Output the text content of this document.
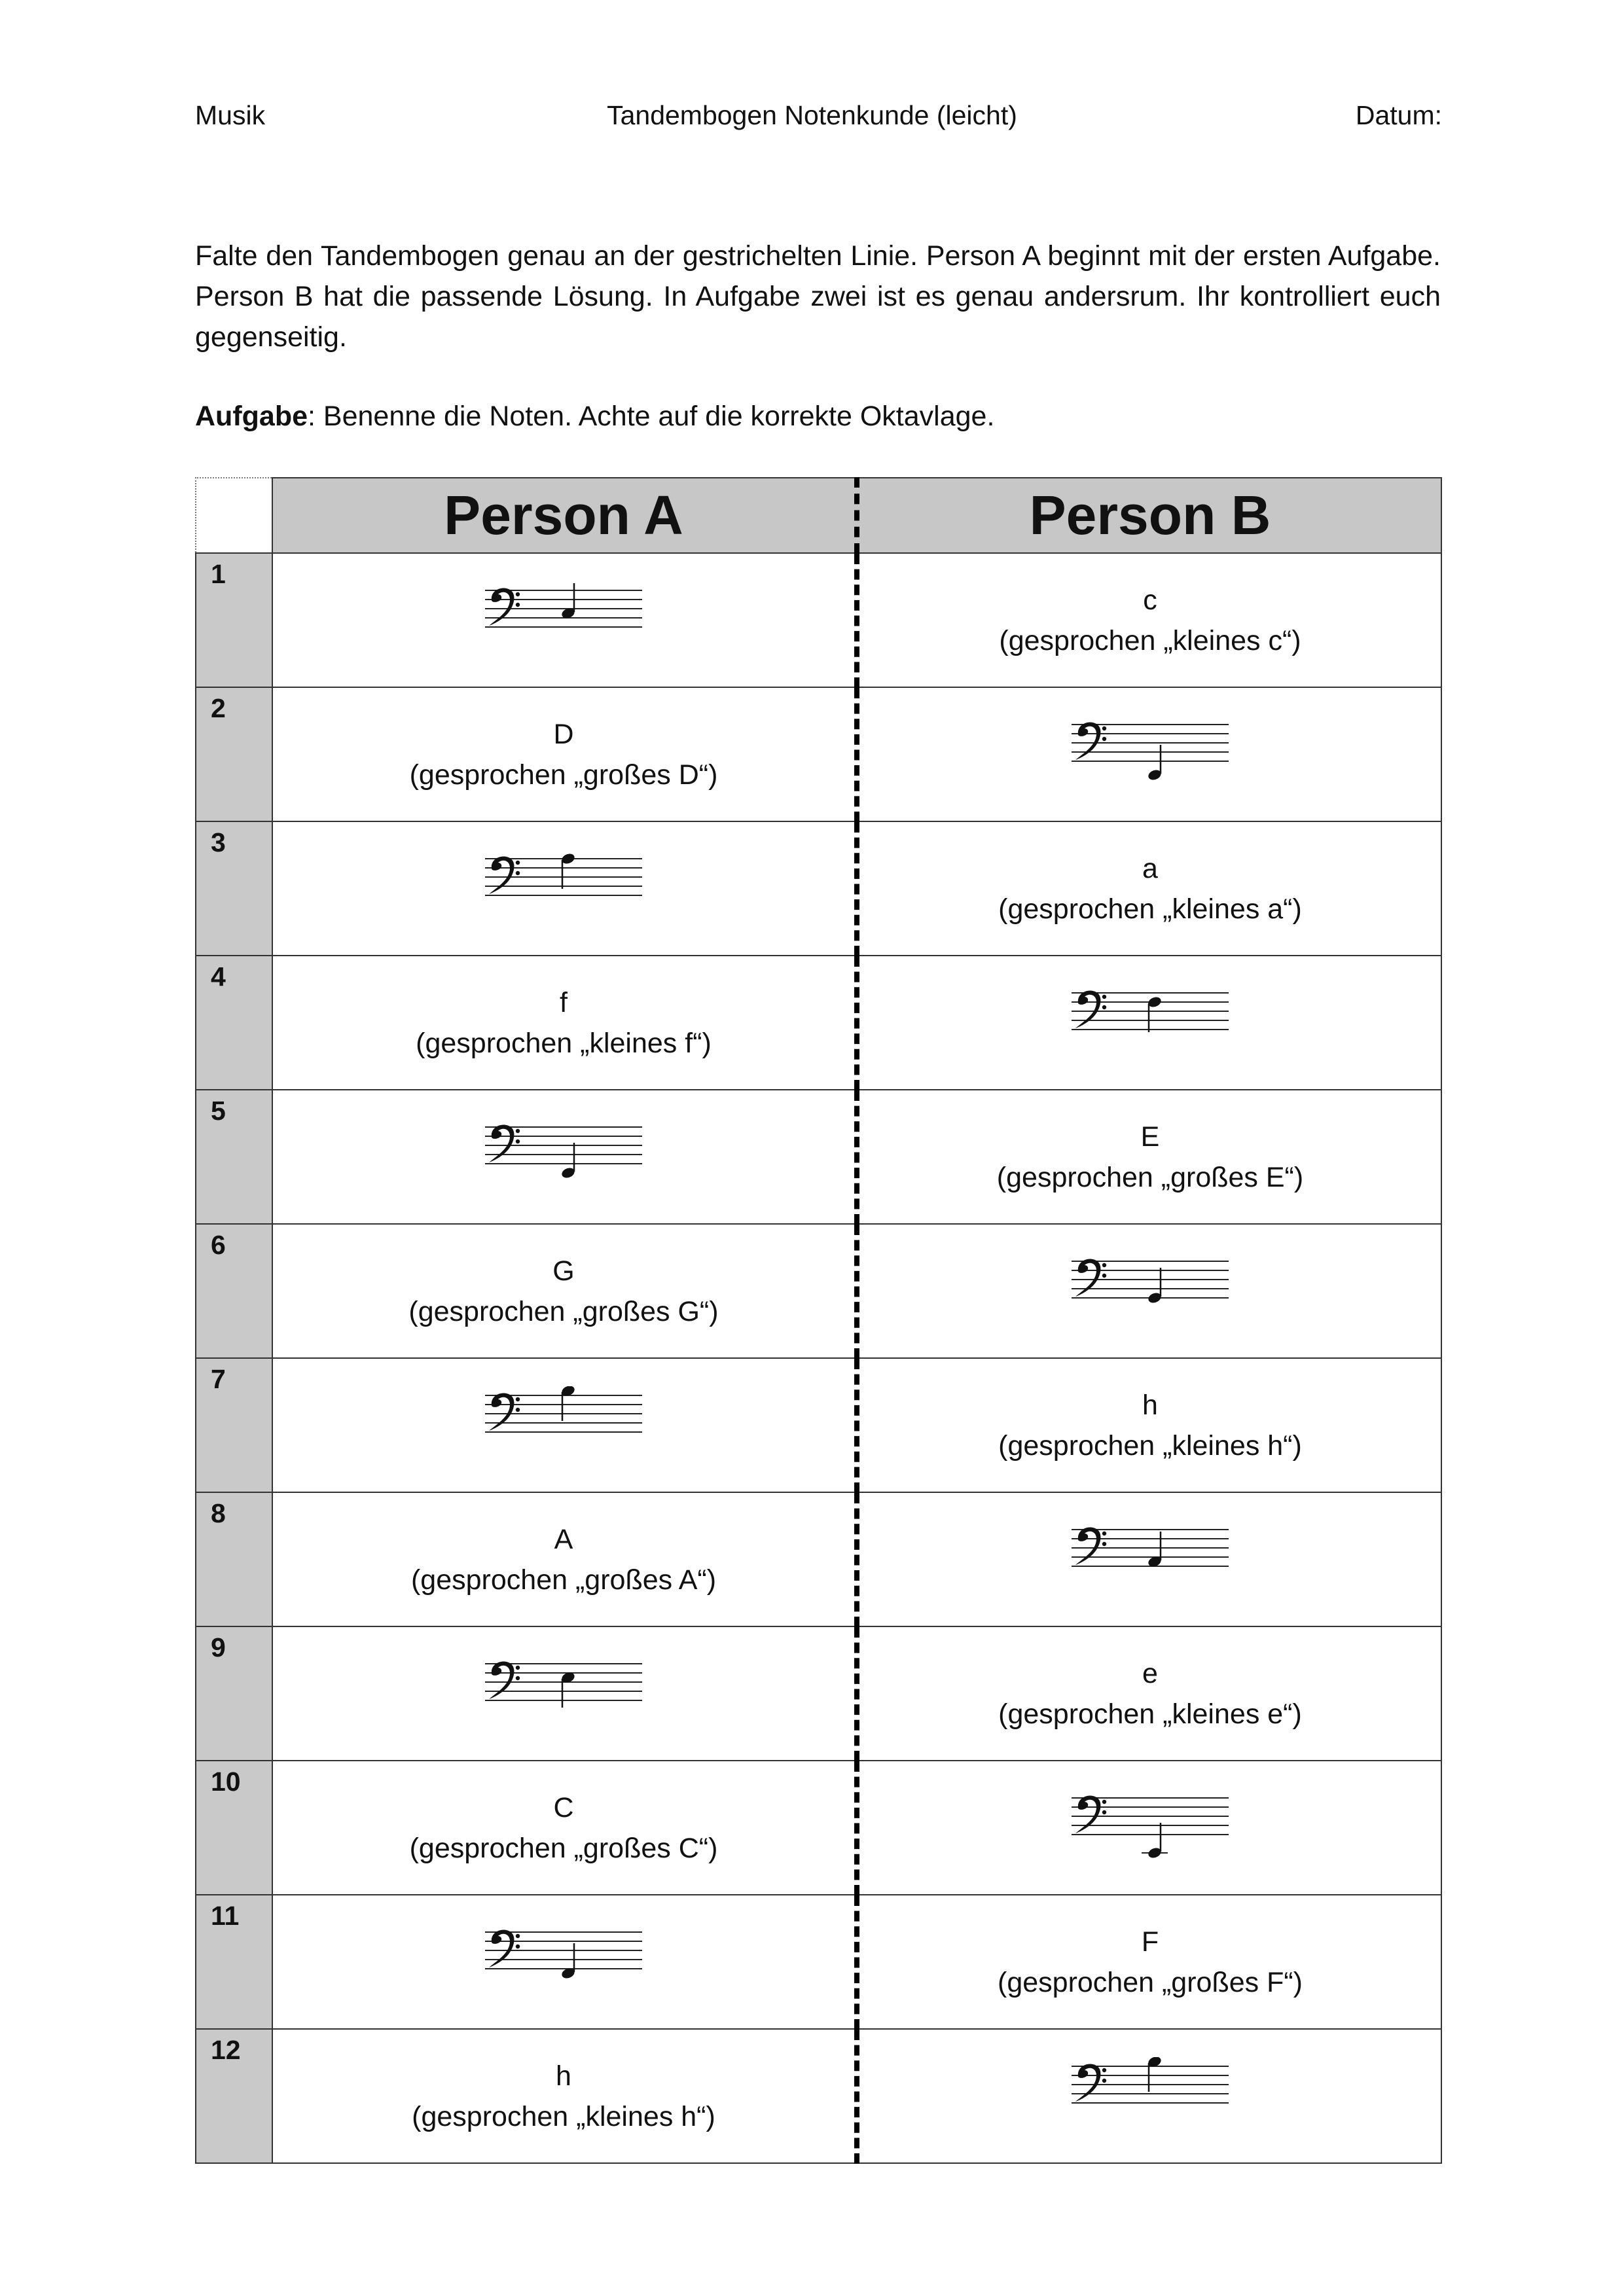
Musik	Tandembogen Notenkunde (leicht)	Datum:

Falte den Tandembogen genau an der gestrichelten Linie. Person A beginnt mit der ersten Aufgabe. Person B hat die passende Lösung. In Aufgabe zwei ist es genau andersrum. Ihr kontrolliert euch gegenseitig.

Aufgabe: Benenne die Noten. Achte auf die korrekte Oktavlage.
	Person A	Person B
1		c
(gesprochen „kleines c“)

2	D
(gesprochen „großes D“)

3		a
(gesprochen „kleines a“)

4	f
(gesprochen „kleines f“)

5		E
(gesprochen „großes E“)

6	G
(gesprochen „großes G“)

7		h
(gesprochen „kleines h“)

8	A
(gesprochen „großes A“)

9		e
(gesprochen „kleines e“)

10	C
(gesprochen „großes C“)

11		F
(gesprochen „großes F“)

12	h
(gesprochen „kleines h“)
